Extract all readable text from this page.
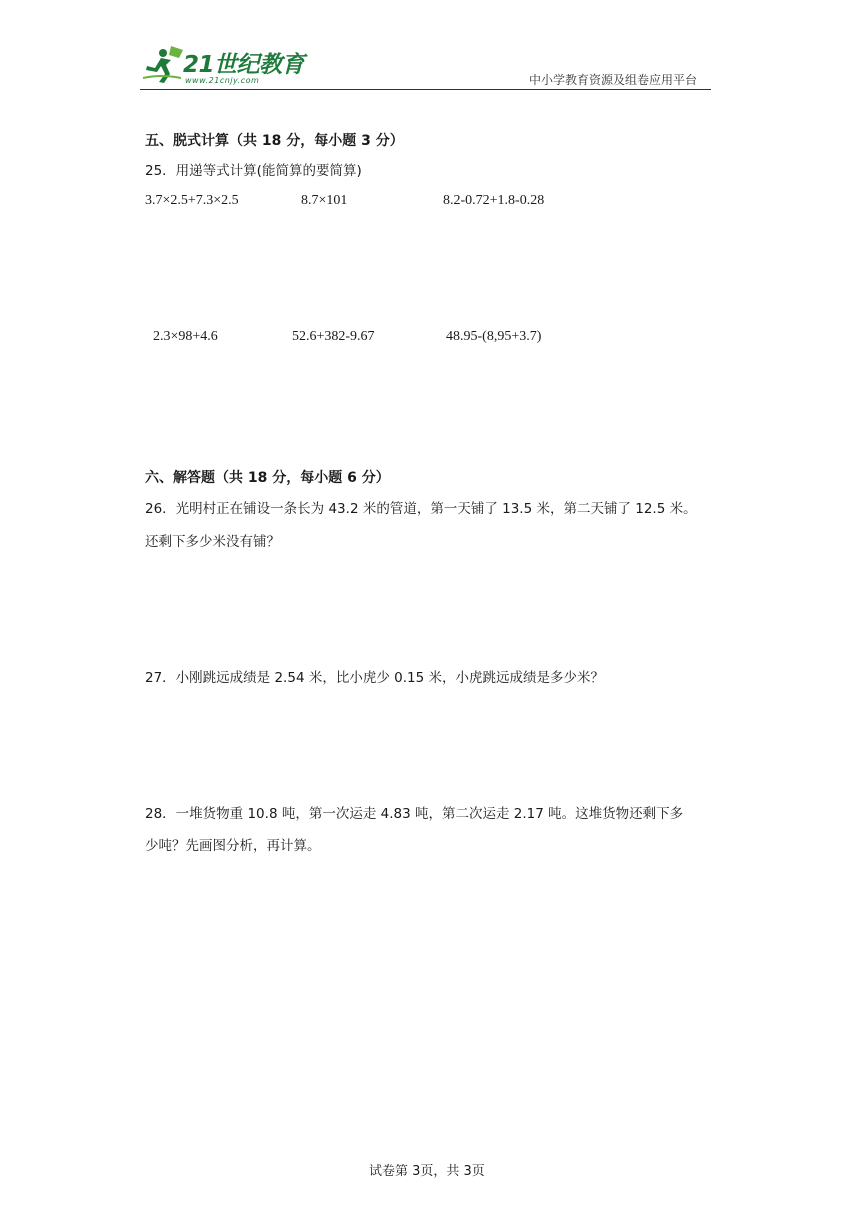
21世纪教育
www.21cnjy.com	中小学教育资源及组卷应用平台
五、脱式计算（共 18 分，每小题 3 分）
25．用递等式计算(能简算的要简算)
3.7×2.5+7.3×2.5	8.7×101	8.2-0.72+1.8-0.28
2.3×98+4.6	52.6+382-9.67	48.95-(8,95+3.7)
六、解答题（共 18 分，每小题 6 分）
26．光明村正在铺设一条长为 43.2 米的管道，第一天铺了 13.5 米，第二天铺了 12.5 米。
还剩下多少米没有铺？
27．小刚跳远成绩是 2.54 米，比小虎少 0.15 米，小虎跳远成绩是多少米？
28．一堆货物重 10.8 吨，第一次运走 4.83 吨，第二次运走 2.17 吨。这堆货物还剩下多
少吨？先画图分析，再计算。
试卷第 3页，共 3页
